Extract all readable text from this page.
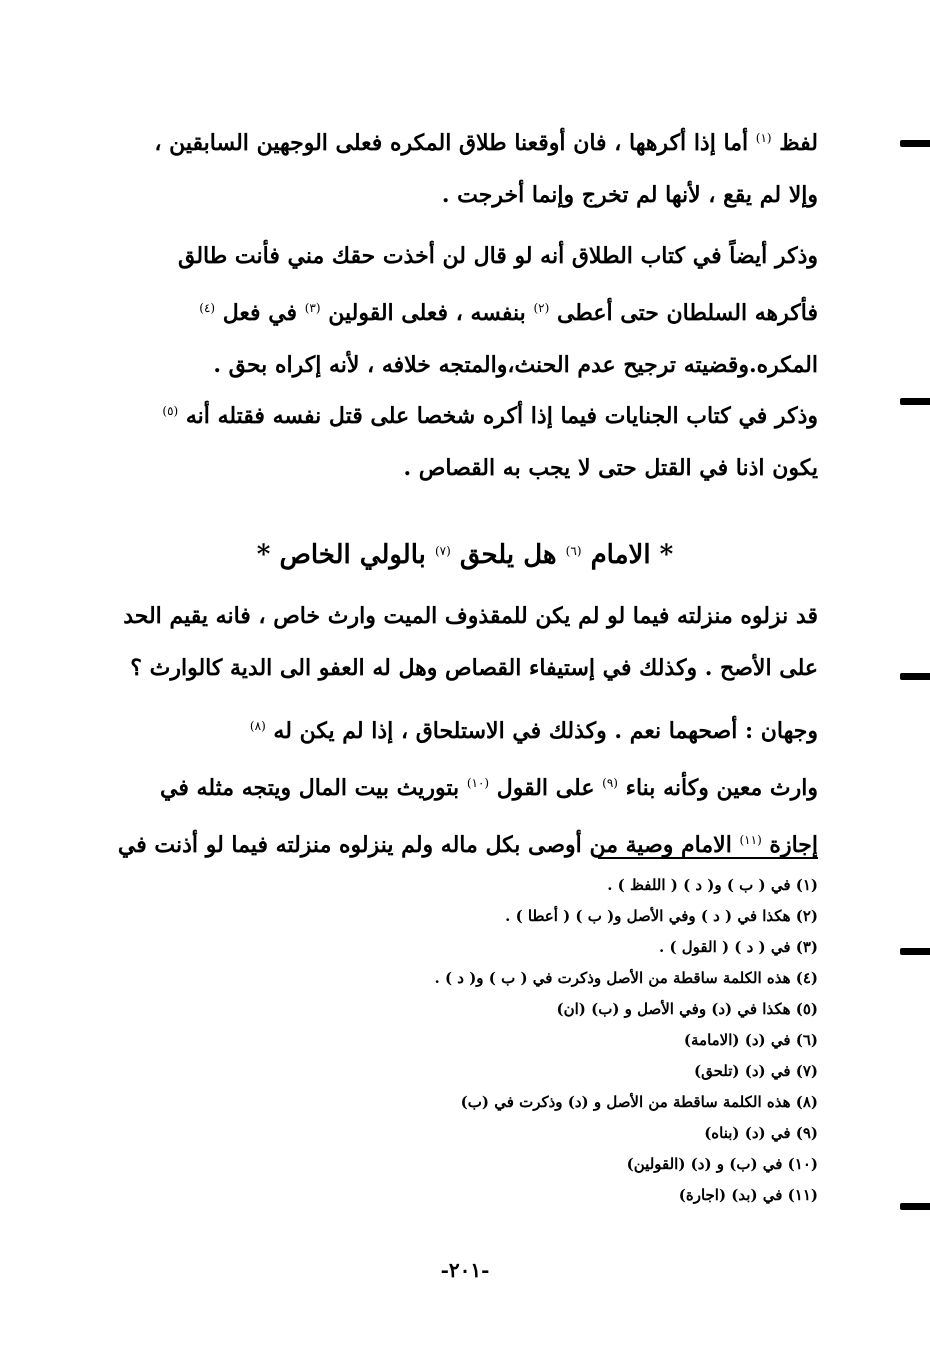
لفظ $^{(١)}$ أما إذا أكرهها ، فان أوقعنا طلاق المكره فعلى الوجهين السابقين ،
وإلا لم يقع ، لأنها لم تخرج وإنما أخرجت .
وذكر أيضاً في كتاب الطلاق أنه لو قال لن أخذت حقك مني فأنت طالق
فأكرهه السلطان حتى أعطى $^{(٢)}$ بنفسه ، فعلى القولين $^{(٣)}$ في فعل $^{(٤)}$
المكره.وقضيته ترجيح عدم الحنث،والمتجه خلافه ، لأنه إكراه بحق .
وذكر في كتاب الجنايات فيما إذا أكره شخصا على قتل نفسه فقتله أنه $^{(٥)}$
يكون اذنا في القتل حتى لا يجب به القصاص .
* الامام $^{(٦)}$ هل يلحق $^{(٧)}$ بالولي الخاص *
قد نزلوه منزلته فيما لو لم يكن للمقذوف الميت وارث خاص ، فانه يقيم الحد
على الأصح . وكذلك في إستيفاء القصاص وهل له العفو الى الدية كالوارث ؟
وجهان : أصحهما نعم . وكذلك في الاستلحاق ، إذا لم يكن له $^{(٨)}$
وارث معين وكأنه بناء $^{(٩)}$ على القول $^{(١٠)}$ بتوريث بيت المال ويتجه مثله في
إجازة $^{(١١)}$ الامام وصية من أوصى بكل ماله ولم ينزلوه منزلته فيما لو أذنت في
(١) في ( ب ) و( د ) ( اللفظ ) .
(٢) هكذا في ( د ) وفي الأصل و( ب ) ( أعطا ) .
(٣) في ( د ) ( القول ) .
(٤) هذه الكلمة ساقطة من الأصل وذكرت في ( ب ) و( د ) .
(٥) هكذا في (د) وفي الأصل و (ب) (ان)
(٦) في (د) (الامامة)
(٧) في (د) (تلحق)
(٨) هذه الكلمة ساقطة من الأصل و (د) وذكرت في (ب)
(٩) في (د) (بناه)
(١٠) في (ب) و (د) (القولين)
(١١) في (بد) (اجارة)
-٢٠١-
